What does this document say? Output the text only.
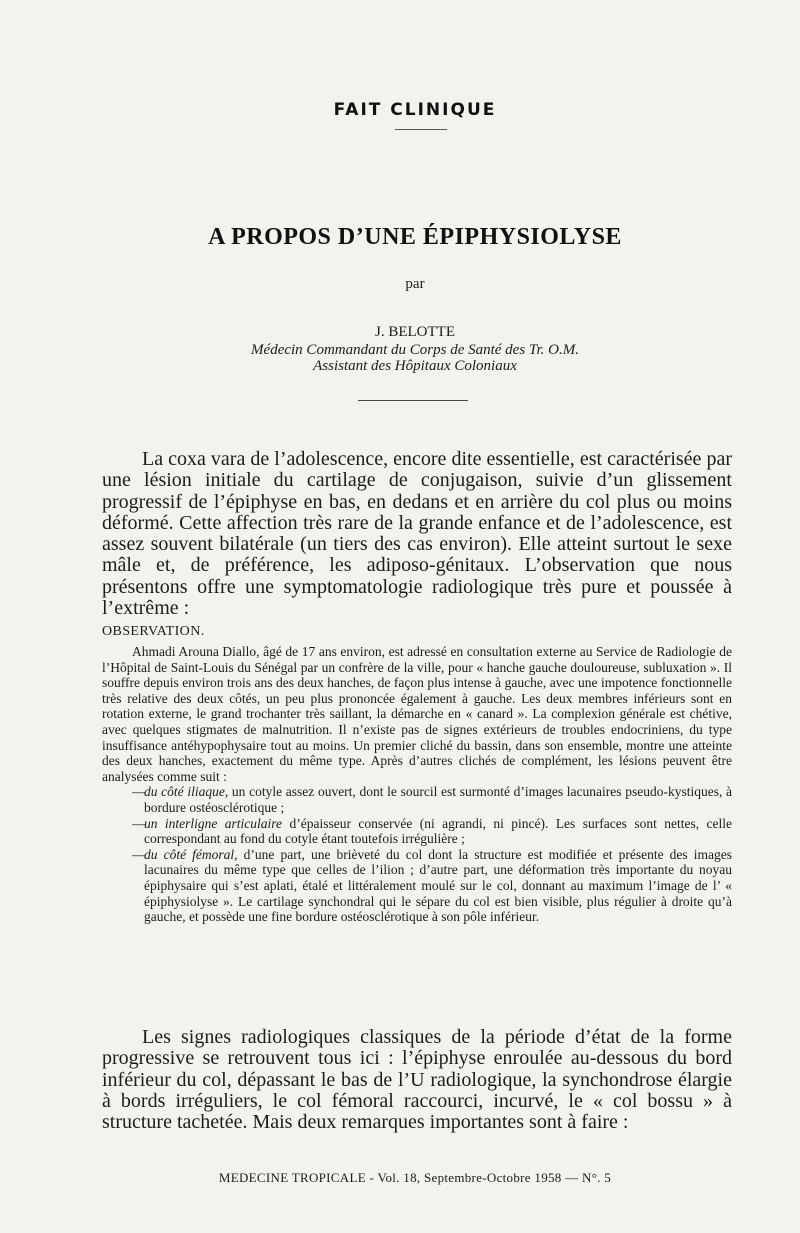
FAIT CLINIQUE
A PROPOS D’UNE ÉPIPHYSIOLYSE
par
J. BELOTTE
Médecin Commandant du Corps de Santé des Tr. O.M.
Assistant des Hôpitaux Coloniaux
La coxa vara de l’adolescence, encore dite essentielle, est caractérisée par une lésion initiale du cartilage de conjugaison, suivie d’un glissement progressif de l’épiphyse en bas, en dedans et en arrière du col plus ou moins déformé. Cette affection très rare de la grande enfance et de l’adolescence, est assez souvent bilatérale (un tiers des cas environ). Elle atteint surtout le sexe mâle et, de préférence, les adiposo-génitaux. L’observation que nous présentons offre une symptomatologie radiologique très pure et poussée à l’extrême :
OBSERVATION.

Ahmadi Arouna Diallo, âgé de 17 ans environ, est adressé en consultation externe au Service de Radiologie de l’Hôpital de Saint-Louis du Sénégal par un confrère de la ville, pour « hanche gauche douloureuse, subluxation ». Il souffre depuis environ trois ans des deux hanches, de façon plus intense à gauche, avec une impotence fonctionnelle très relative des deux côtés, un peu plus prononcée également à gauche. Les deux membres inférieurs sont en rotation externe, le grand trochanter très saillant, la démarche en « canard ». La complexion générale est chétive, avec quelques stigmates de malnutrition. Il n’existe pas de signes extérieurs de troubles endocriniens, du type insuffisance antéhypophysaire tout au moins. Un premier cliché du bassin, dans son ensemble, montre une atteinte des deux hanches, exactement du même type. Après d’autres clichés de complément, les lésions peuvent être analysées comme suit :

—
du côté iliaque, un cotyle assez ouvert, dont le sourcil est surmonté d’images lacunaires pseudo-kystiques, à bordure ostéosclérotique ;
—
un interligne articulaire d’épaisseur conservée (ni agrandi, ni pincé). Les surfaces sont nettes, celle correspondant au fond du cotyle étant toutefois irrégulière ;
—
du côté fémoral, d’une part, une brièveté du col dont la structure est modifiée et présente des images lacunaires du même type que celles de l’ilion ; d’autre part, une déformation très importante du noyau épiphysaire qui s’est aplati, étalé et littéralement moulé sur le col, donnant au maximum l’image de l’ « épiphysiolyse ». Le cartilage synchondral qui le sépare du col est bien visible, plus régulier à droite qu’à gauche, et possède une fine bordure ostéosclérotique à son pôle inférieur.
Les signes radiologiques classiques de la période d’état de la forme progressive se retrouvent tous ici : l’épiphyse enroulée au-dessous du bord inférieur du col, dépassant le bas de l’U radiologique, la synchondrose élargie à bords irréguliers, le col fémoral raccourci, incurvé, le « col bossu » à structure tachetée. Mais deux remarques importantes sont à faire :
MEDECINE TROPICALE - Vol. 18, Septembre-Octobre 1958 — N°. 5
